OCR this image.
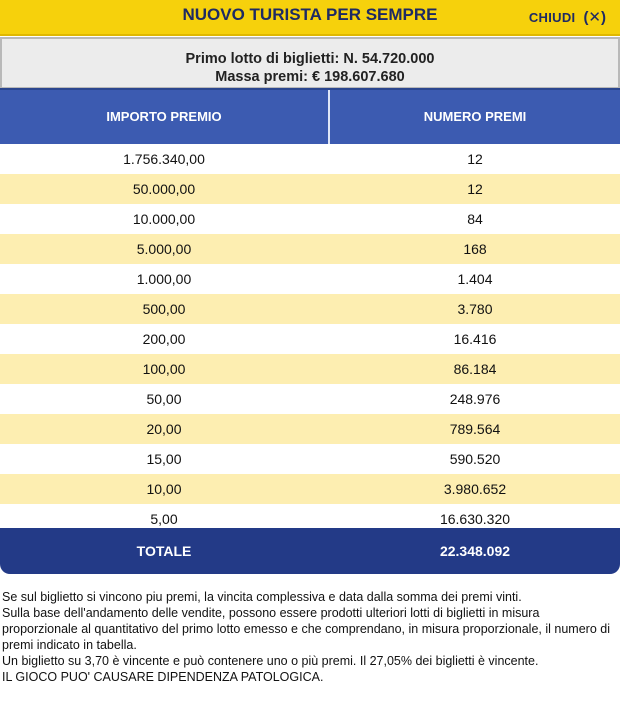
NUOVO TURISTA PER SEMPRE	CHIUDI (✕)
Primo lotto di biglietti: N. 54.720.000
Massa premi: € 198.607.680
IMPORTO PREMIO	NUMERO PREMI
1.756.340,00	12
50.000,00	12
10.000,00	84
5.000,00	168
1.000,00	1.404
500,00	3.780
200,00	16.416
100,00	86.184
50,00	248.976
20,00	789.564
15,00	590.520
10,00	3.980.652
5,00	16.630.320
TOTALE	22.348.092

Se sul biglietto si vincono piu premi, la vincita complessiva e data dalla somma dei premi vinti.

Sulla base dell'andamento delle vendite, possono essere prodotti ulteriori lotti di biglietti in misura proporzionale al quantitativo del primo lotto emesso e che comprendano, in misura proporzionale, il numero di premi indicato in tabella.

Un biglietto su 3,70 è vincente e può contenere uno o più premi. Il 27,05% dei biglietti è vincente.

IL GIOCO PUO' CAUSARE DIPENDENZA PATOLOGICA.
